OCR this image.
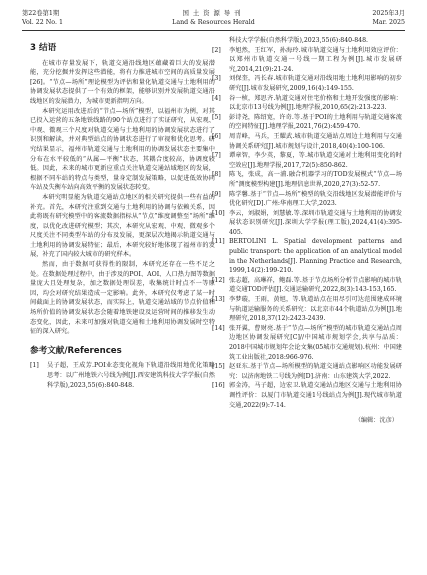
第22卷第1期
Vol. 22 No. 1
国土资源导刊
Land & Resources Herald
2025年3月
Mar. 2025
3 结语

在城市存量发展下，轨道交通沿线地区蕴藏着巨大的发展潜能，充分挖掘并发挥这些潜能，将有力推进城市空间的高质量发展[26]。“节点—场所”理论模型为评估和量化轨道交通与土地利用的协调发展状态提供了一个有效的框架，能够识别并发展轨道交通沿线地区的发展潜力，为城市更新指明方向。

本研究运用改进后的“节点—场所”模型，以福州市为例，对其已投入运营的五条地铁线路的90个站点进行了实证研究，从宏观、中观、微观三个尺度对轨道交通与土地利用的协调发展状态进行了识别和解读，并对典型站点的协调状态进行了审视和优化思考。研究结果显示，福州市轨道交通与土地利用的协调发展状态主要集中分布在水平较低的“从属—平衡”状态，其耦合度较高，协调度较低。因此，未来的城市更新应重点关注轨道交通站域地区的发展，根据不同车站的特点与类型，量身定制发展策略，以促进低效协同车站及失衡车站向高效平衡的发展状态转变。

本研究明显能为轨道交通站点地区的相关研究提供一些有益的补充。首先，本研究注重到交通与土地利用的协调与依赖关系，因此将既有研究模型中的客流数据指标从“节点”维度调整至“场所”维度，以优化改进研究模型；其次，本研究从宏观、中观、微观多个尺度关注不同类型车站的分布及发展，更深层次地揭示轨道交通与土地利用的协调发展特征；最后，本研究较好地体现了福州市的发展，补充了国内较大城市的研究样本。

然而，由于数据可获得性的限制，本研究还存在一些不足之处。在数据处理过程中，由于涉及的POI、AOI、人口热力图等数据量庞大且处理复杂，加之数据处理误差，收集统计时点不一等原因，均会对研究结果造成一定影响。此外，本研究仅考虑了某一时间截面上的协调发展状态，而实际上，轨道交通站域的节点价值和场所价值的协调发展状态会随着地铁建设及运营时间的推移发生动态变化，因此，未来可加强对轨道交通和土地利用协调发展时空特征的深入研究。

参考文献/References
[1]	吴子超，王成芳.POI业态变化视角下轨道沿线用地优化策略思考：以广州地铁六号线为例[J].西安建筑科技大学学报(自然科学版),2023,55(6):840-848.
科技大学学报(自然科学版),2023,55(6):840-848.
[2]	李旭然，王红军，孙海玲.城市轨道交通与土地利用效应评价：以郑州市轨道交通一号线一期工程为例[J].城市发展研究,2014,21(9):21-24.
[3]	刘保奎，冯长春.城市轨道交通对沿线用地土地利用影响的初步研究[J].城市发展研究,2009,16(4):149-155.
[4]	谷一桢，郑思齐.轨道交通对住宅价格和土地开发强度的影响：以北京市13号线为例[J].地理学报,2010,65(2):213-223.
[5]	彭诗尧，陈绍宽，许奇.等.基于POI的土地利用与轨道交通客流的空间特征[J].地理学报,2021,76(2):459-470.
[6]	周青峰，马兵，王耀武.城市轨道交通站点周边土地利用与交通协调关系研究[J].城市规划与设计,2018,40(4):100-106.
[7]	谭章智，李少英，黎夏，等.城市轨道交通对土地利用变化的时空效应[J].地理学报,2017,72(5):850-862.
[8]	陈飞，张成，高一浦.融合机器学习的TOD发展模式“节点—场所”测度模型构建[J].地理信息世界,2020,27(3):52-57.
[9]	陈学馨.基于“节点—场所”模型的轨交沿线地区发展潜能评价与优化研究[D].广州:华南理工大学,2023.
[10] 李云，刘淑娟，刘慧敏.等.深圳市轨道交通与土地利用的协调发展状态识别研究[J].深圳大学学报(理工版),2024,41(4):395-405.
[11] BERTOLINI L. Spatial development patterns and public transport: the application of an analytical model in the Netherlands[J]. Planning Practice and Research, 1999,14(2):199-210.
[12] 张志超，高琳祥，鲍磊.等.基于节点场所分析节点影响的城市轨道交通TOD评估[J].交通运输研究,2022,8(3):143-153,165.
[13] 李梦璇，王雨，黄旭，等.轨道站点在用尽引可达范围建成环境与轨道运输服务的关系研究：以北京市44个轨道站点为例[J].地理研究,2018,37(12):2423-2439.
[14] 张开翼，曹财亮.基于“节点—场所”模型的城市轨道交通站点周边地区协调发展研究[C]//中国城市规划学会,共享与品质：2018中国城市规划年会论文集(05城市交通规划).杭州：中国建筑工业出版社,2018:966-976.
[15] 赵亚东.基于节点—场所模型的轨道交通站点影响区功能发展研究：以济南地铁二号线为例[D].济南：山东建筑大学,2022.
[16] 郭金涛，马子超，边宏卫.轨道交通站点地区交通与土地利用协调性评价：以厦门市轨道交通1号线站点为例[J].现代城市轨道交通,2022(9):7-14.
（编辑：沈彦）
